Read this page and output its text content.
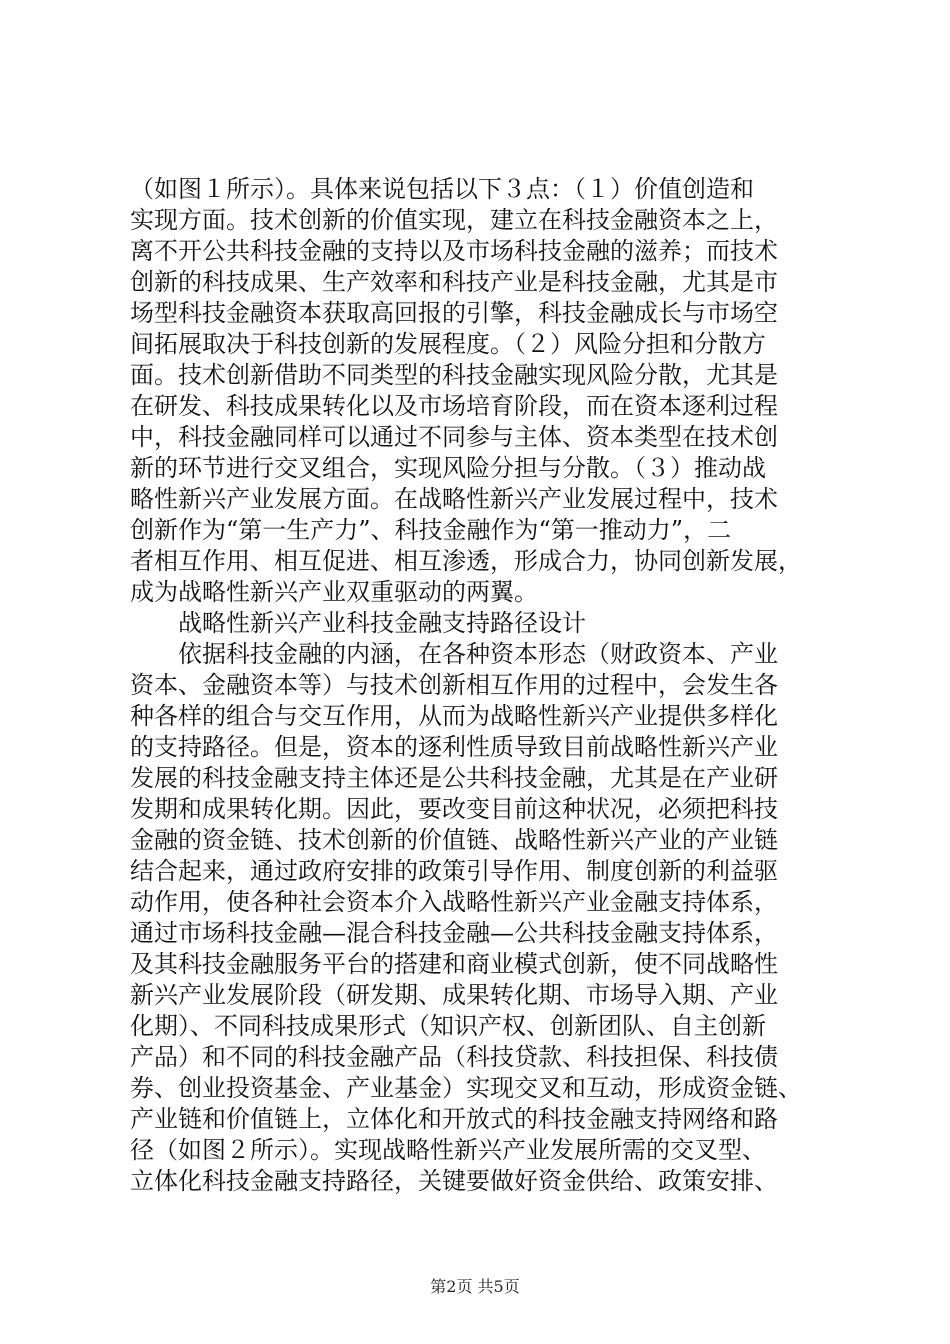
（如图１所示）。具体来说包括以下３点：（１）价值创造和
实现方面。技术创新的价值实现，建立在科技金融资本之上，
离不开公共科技金融的支持以及市场科技金融的滋养；而技术
创新的科技成果、生产效率和科技产业是科技金融，尤其是市
场型科技金融资本获取高回报的引擎，科技金融成长与市场空
间拓展取决于科技创新的发展程度。（２）风险分担和分散方
面。技术创新借助不同类型的科技金融实现风险分散，尤其是
在研发、科技成果转化以及市场培育阶段，而在资本逐利过程
中，科技金融同样可以通过不同参与主体、资本类型在技术创
新的环节进行交叉组合，实现风险分担与分散。（３）推动战
略性新兴产业发展方面。在战略性新兴产业发展过程中，技术
创新作为“第一生产力”、科技金融作为“第一推动力”，二
者相互作用、相互促进、相互渗透，形成合力，协同创新发展，
成为战略性新兴产业双重驱动的两翼。
战略性新兴产业科技金融支持路径设计
依据科技金融的内涵，在各种资本形态（财政资本、产业
资本、金融资本等）与技术创新相互作用的过程中，会发生各
种各样的组合与交互作用，从而为战略性新兴产业提供多样化
的支持路径。但是，资本的逐利性质导致目前战略性新兴产业
发展的科技金融支持主体还是公共科技金融，尤其是在产业研
发期和成果转化期。因此，要改变目前这种状况，必须把科技
金融的资金链、技术创新的价值链、战略性新兴产业的产业链
结合起来，通过政府安排的政策引导作用、制度创新的利益驱
动作用，使各种社会资本介入战略性新兴产业金融支持体系，
通过市场科技金融—混合科技金融—公共科技金融支持体系，
及其科技金融服务平台的搭建和商业模式创新，使不同战略性
新兴产业发展阶段（研发期、成果转化期、市场导入期、产业
化期）、不同科技成果形式（知识产权、创新团队、自主创新
产品）和不同的科技金融产品（科技贷款、科技担保、科技债
券、创业投资基金、产业基金）实现交叉和互动，形成资金链、
产业链和价值链上，立体化和开放式的科技金融支持网络和路
径（如图２所示）。实现战略性新兴产业发展所需的交叉型、
立体化科技金融支持路径，关键要做好资金供给、政策安排、
第2页 共5页
